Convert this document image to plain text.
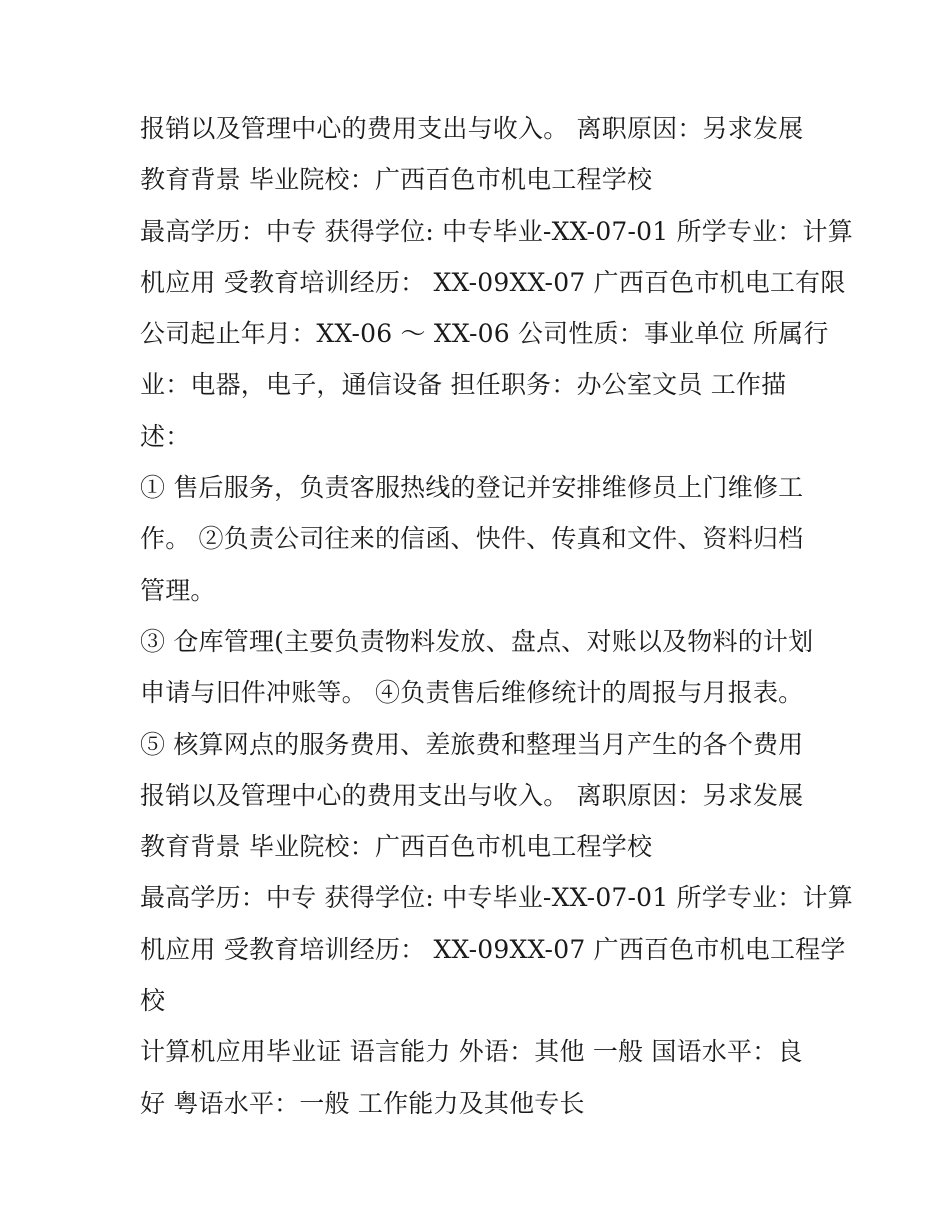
报销以及管理中心的费用支出与收入。 离职原因：另求发展
教育背景 毕业院校：广西百色市机电工程学校
最高学历：中专 获得学位: 中专毕业-XX-07-01 所学专业：计算
机应用 受教育培训经历： XX-09XX-07 广西百色市机电工有限
公司起止年月：XX-06 ～ XX-06 公司性质：事业单位 所属行
业：电器，电子，通信设备 担任职务：办公室文员 工作描
述：
① 售后服务，负责客服热线的登记并安排维修员上门维修工
作。 ②负责公司往来的信函、快件、传真和文件、资料归档
管理。
③ 仓库管理(主要负责物料发放、盘点、对账以及物料的计划
申请与旧件冲账等。 ④负责售后维修统计的周报与月报表。
⑤ 核算网点的服务费用、差旅费和整理当月产生的各个费用
报销以及管理中心的费用支出与收入。 离职原因：另求发展
教育背景 毕业院校：广西百色市机电工程学校
最高学历：中专 获得学位: 中专毕业-XX-07-01 所学专业：计算
机应用 受教育培训经历： XX-09XX-07 广西百色市机电工程学
校
计算机应用毕业证 语言能力 外语：其他 一般 国语水平：良
好 粤语水平：一般 工作能力及其他专长
